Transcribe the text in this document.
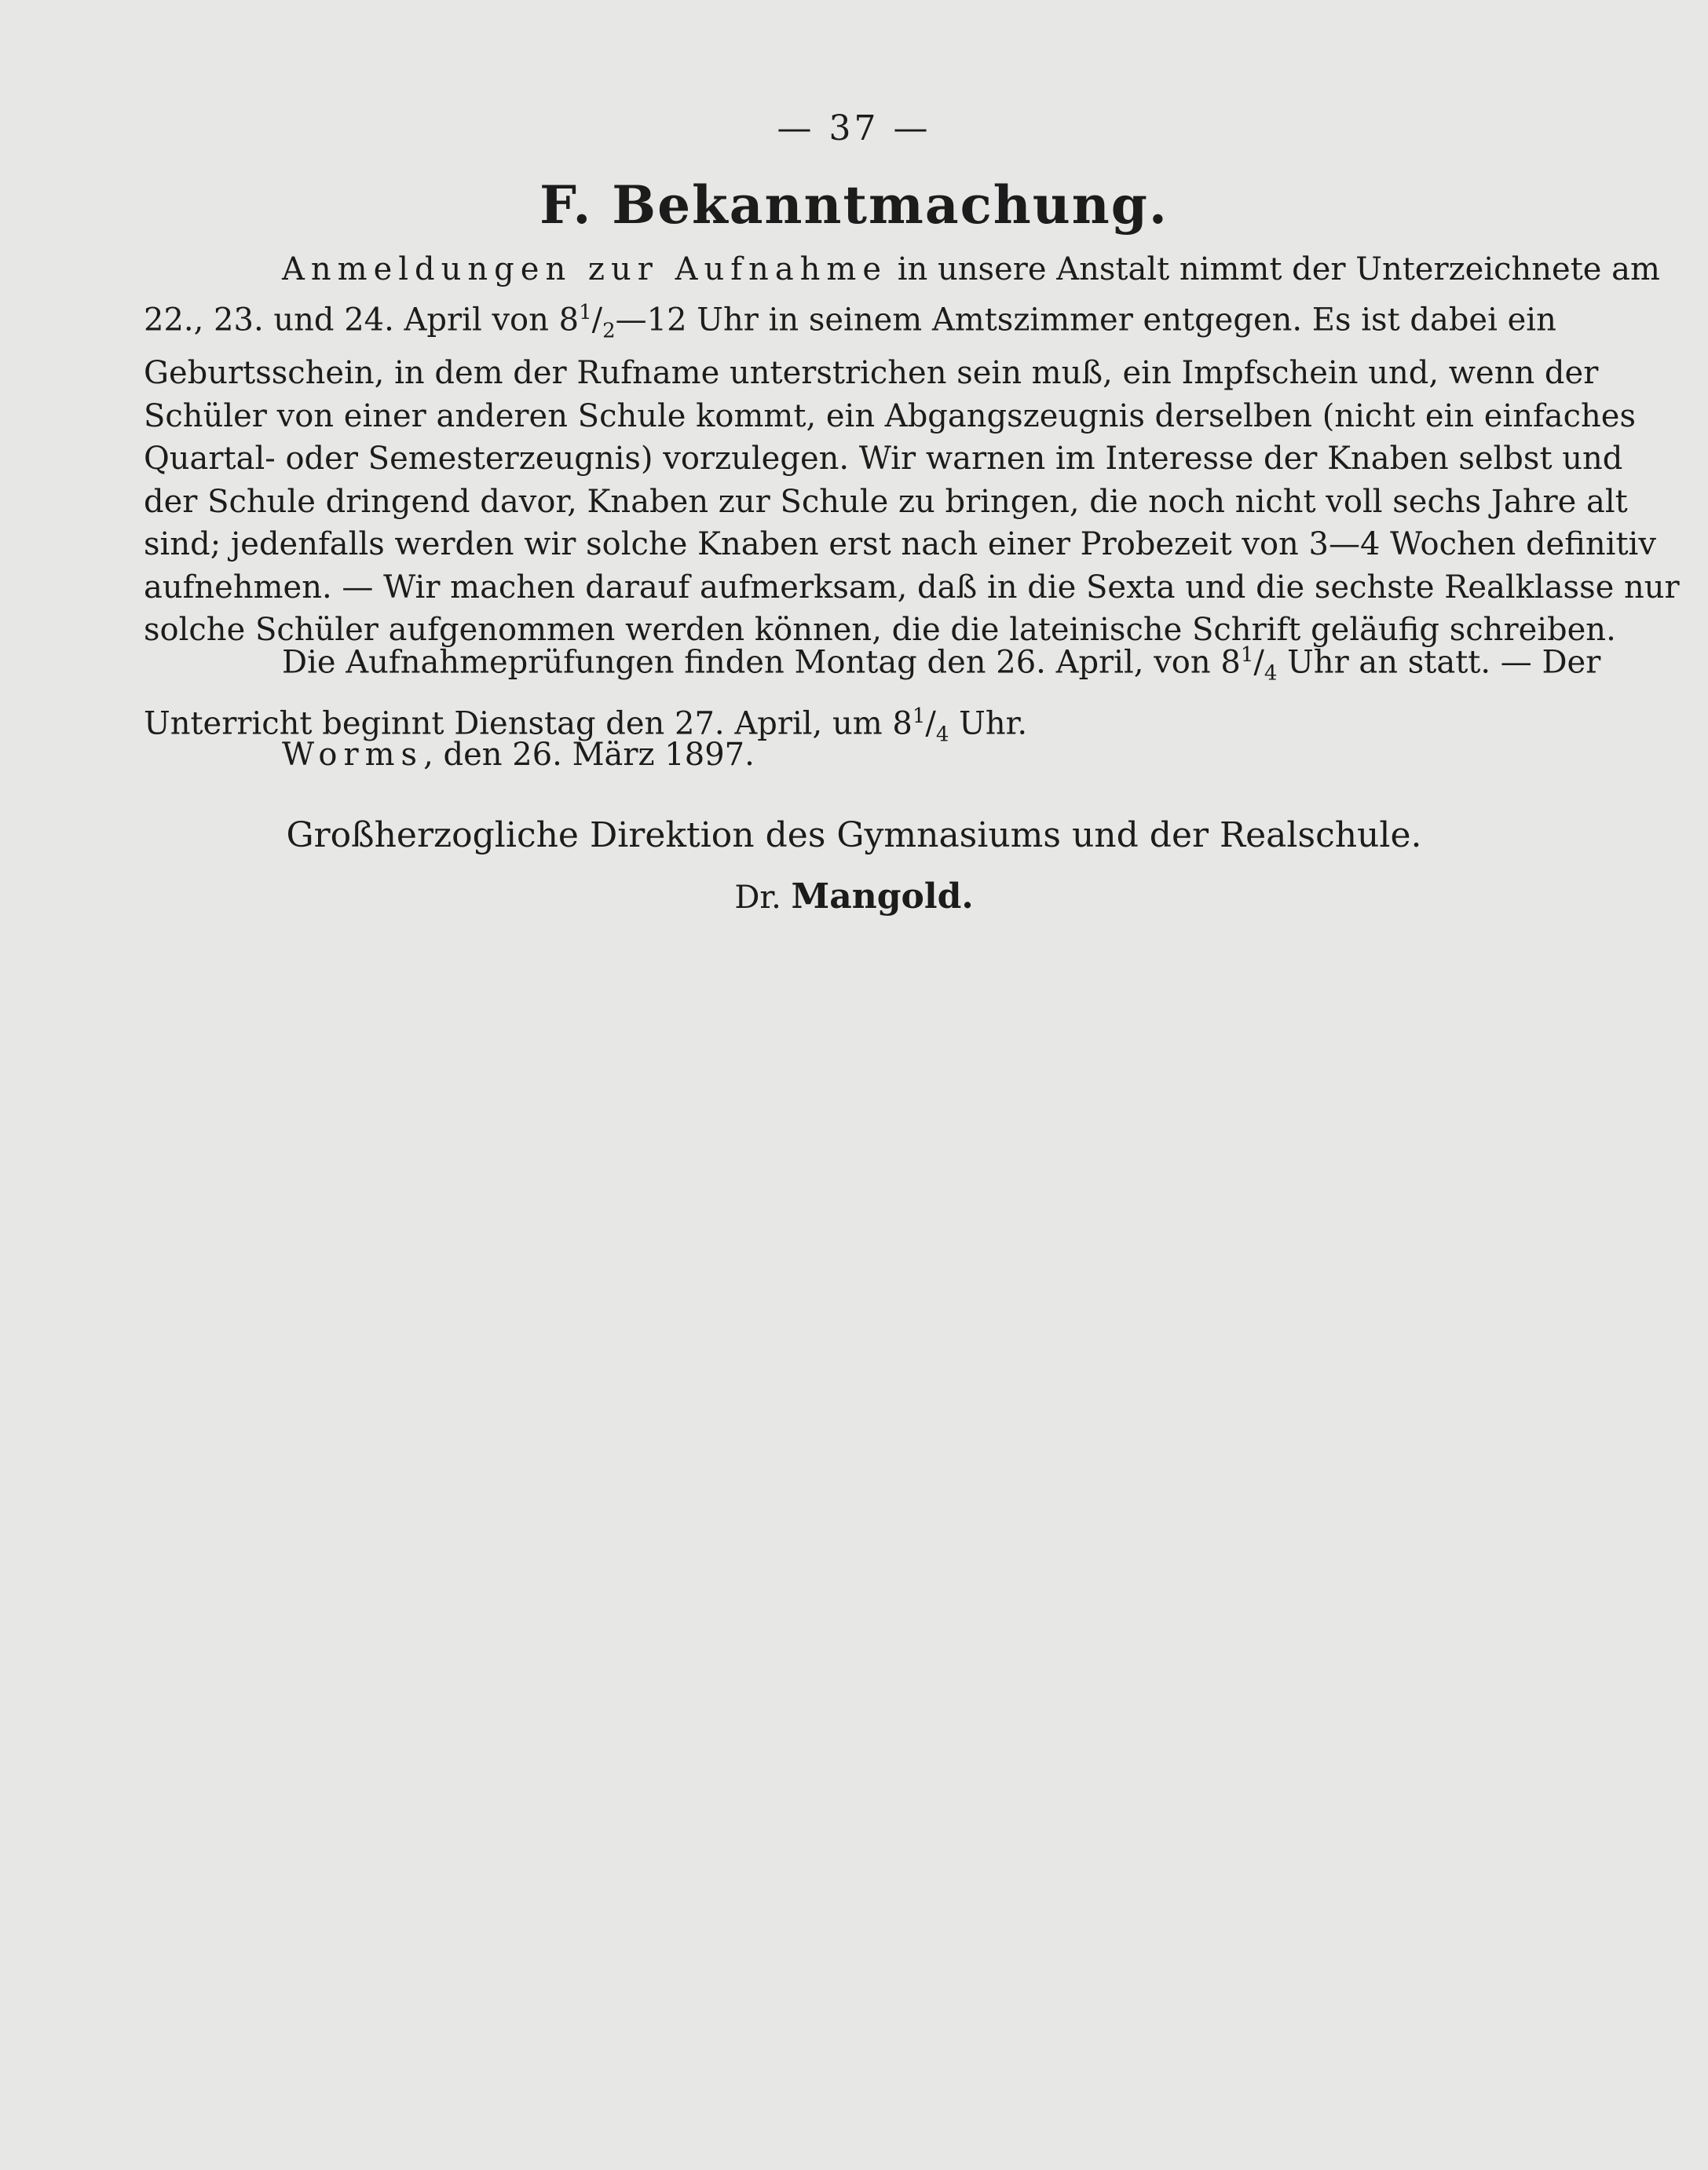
— 37 —
F. Bekanntmachung.
Anmeldungen zur Aufnahme in unsere Anstalt nimmt der Unterzeichnete am
22., 23. und 24. April von $8^1/_2—12$ Uhr in seinem Amtszimmer entgegen. Es ist dabei ein
Geburtsschein, in dem der Rufname unterstrichen sein muß, ein Impfschein und, wenn der
Schüler von einer anderen Schule kommt, ein Abgangszeugnis derselben (nicht ein einfaches
Quartal- oder Semesterzeugnis) vorzulegen. Wir warnen im Interesse der Knaben selbst und
der Schule dringend davor, Knaben zur Schule zu bringen, die noch nicht voll sechs Jahre alt
sind; jedenfalls werden wir solche Knaben erst nach einer Probezeit von 3—4 Wochen definitiv
aufnehmen. — Wir machen darauf aufmerksam, daß in die Sexta und die sechste Realklasse nur
solche Schüler aufgenommen werden können, die die lateinische Schrift geläufig schreiben.
Die Aufnahmeprüfungen finden Montag den 26. April, von $8^1/_4$ Uhr an statt. — Der
Unterricht beginnt Dienstag den 27. April, um $8^1/_4$ Uhr.
Worms, den 26. März 1897.
Großherzogliche Direktion des Gymnasiums und der Realschule.
Dr. Mangold.
